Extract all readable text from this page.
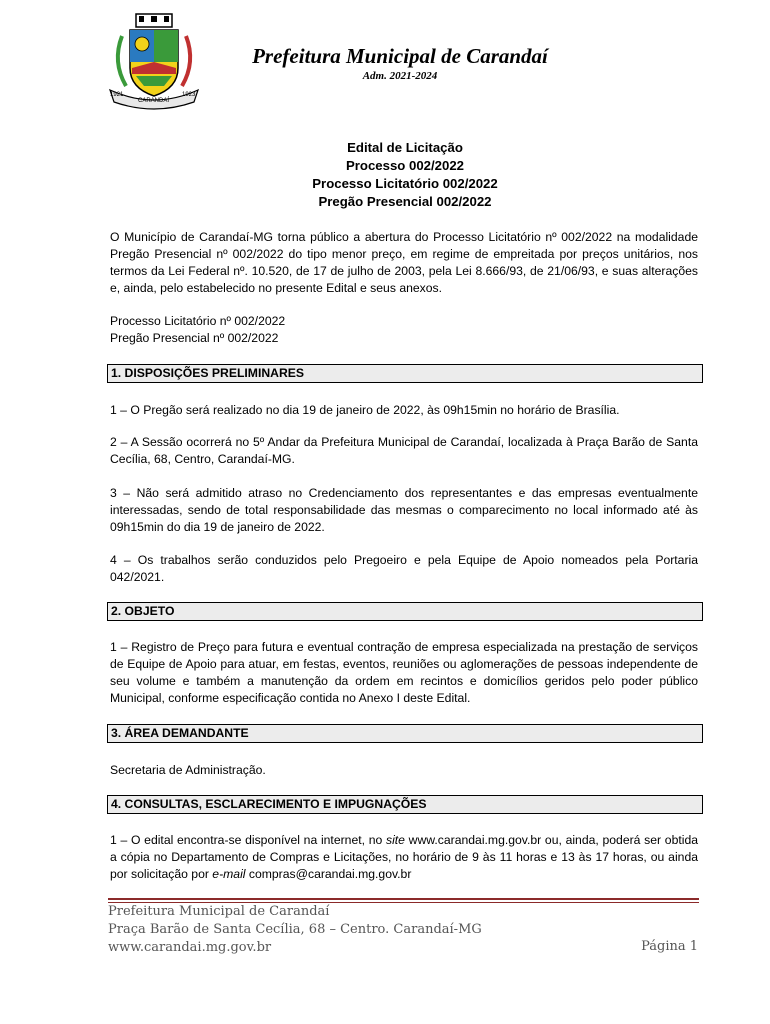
1921
CARANDAÍ
1923
Prefeitura Municipal de Carandaí
Adm. 2021-2024
Edital de Licitação
Processo 002/2022
Processo Licitatório 002/2022
Pregão Presencial 002/2022
O Município de Carandaí-MG torna público a abertura do Processo Licitatório nº 002/2022 na modalidade Pregão Presencial nº 002/2022 do tipo menor preço, em regime de empreitada por preços unitários, nos termos da Lei Federal nº. 10.520, de 17 de julho de 2003, pela Lei 8.666/93, de 21/06/93, e suas alterações e, ainda, pelo estabelecido no presente Edital e seus anexos.
Processo Licitatório nº 002/2022
Pregão Presencial nº 002/2022
1. DISPOSIÇÕES PRELIMINARES
1 – O Pregão será realizado no dia 19 de janeiro de 2022, às 09h15min no horário de Brasília.
2 – A Sessão ocorrerá no 5º Andar da Prefeitura Municipal de Carandaí, localizada à Praça Barão de Santa Cecília, 68, Centro, Carandaí-MG.
3 – Não será admitido atraso no Credenciamento dos representantes e das empresas eventualmente interessadas, sendo de total responsabilidade das mesmas o comparecimento no local informado até às 09h15min do dia 19 de janeiro de 2022.
4 – Os trabalhos serão conduzidos pelo Pregoeiro e pela Equipe de Apoio nomeados pela Portaria 042/2021.
2. OBJETO
1 – Registro de Preço para futura e eventual contração de empresa especializada na prestação de serviços de Equipe de Apoio para atuar, em festas, eventos, reuniões ou aglomerações de pessoas independente de seu volume e também a manutenção da ordem em recintos e domicílios geridos pelo poder público Municipal, conforme especificação contida no Anexo I deste Edital.
3. ÁREA DEMANDANTE
Secretaria de Administração.
4. CONSULTAS, ESCLARECIMENTO E IMPUGNAÇÕES
1 – O edital encontra-se disponível na internet, no site www.carandai.mg.gov.br ou, ainda, poderá ser obtida a cópia no Departamento de Compras e Licitações, no horário de 9 às 11 horas e 13 às 17 horas, ou ainda por solicitação por e-mail compras@carandai.mg.gov.br
Prefeitura Municipal de Carandaí
Praça Barão de Santa Cecília, 68 – Centro. Carandaí-MG
www.carandai.mg.gov.br	Página 1
